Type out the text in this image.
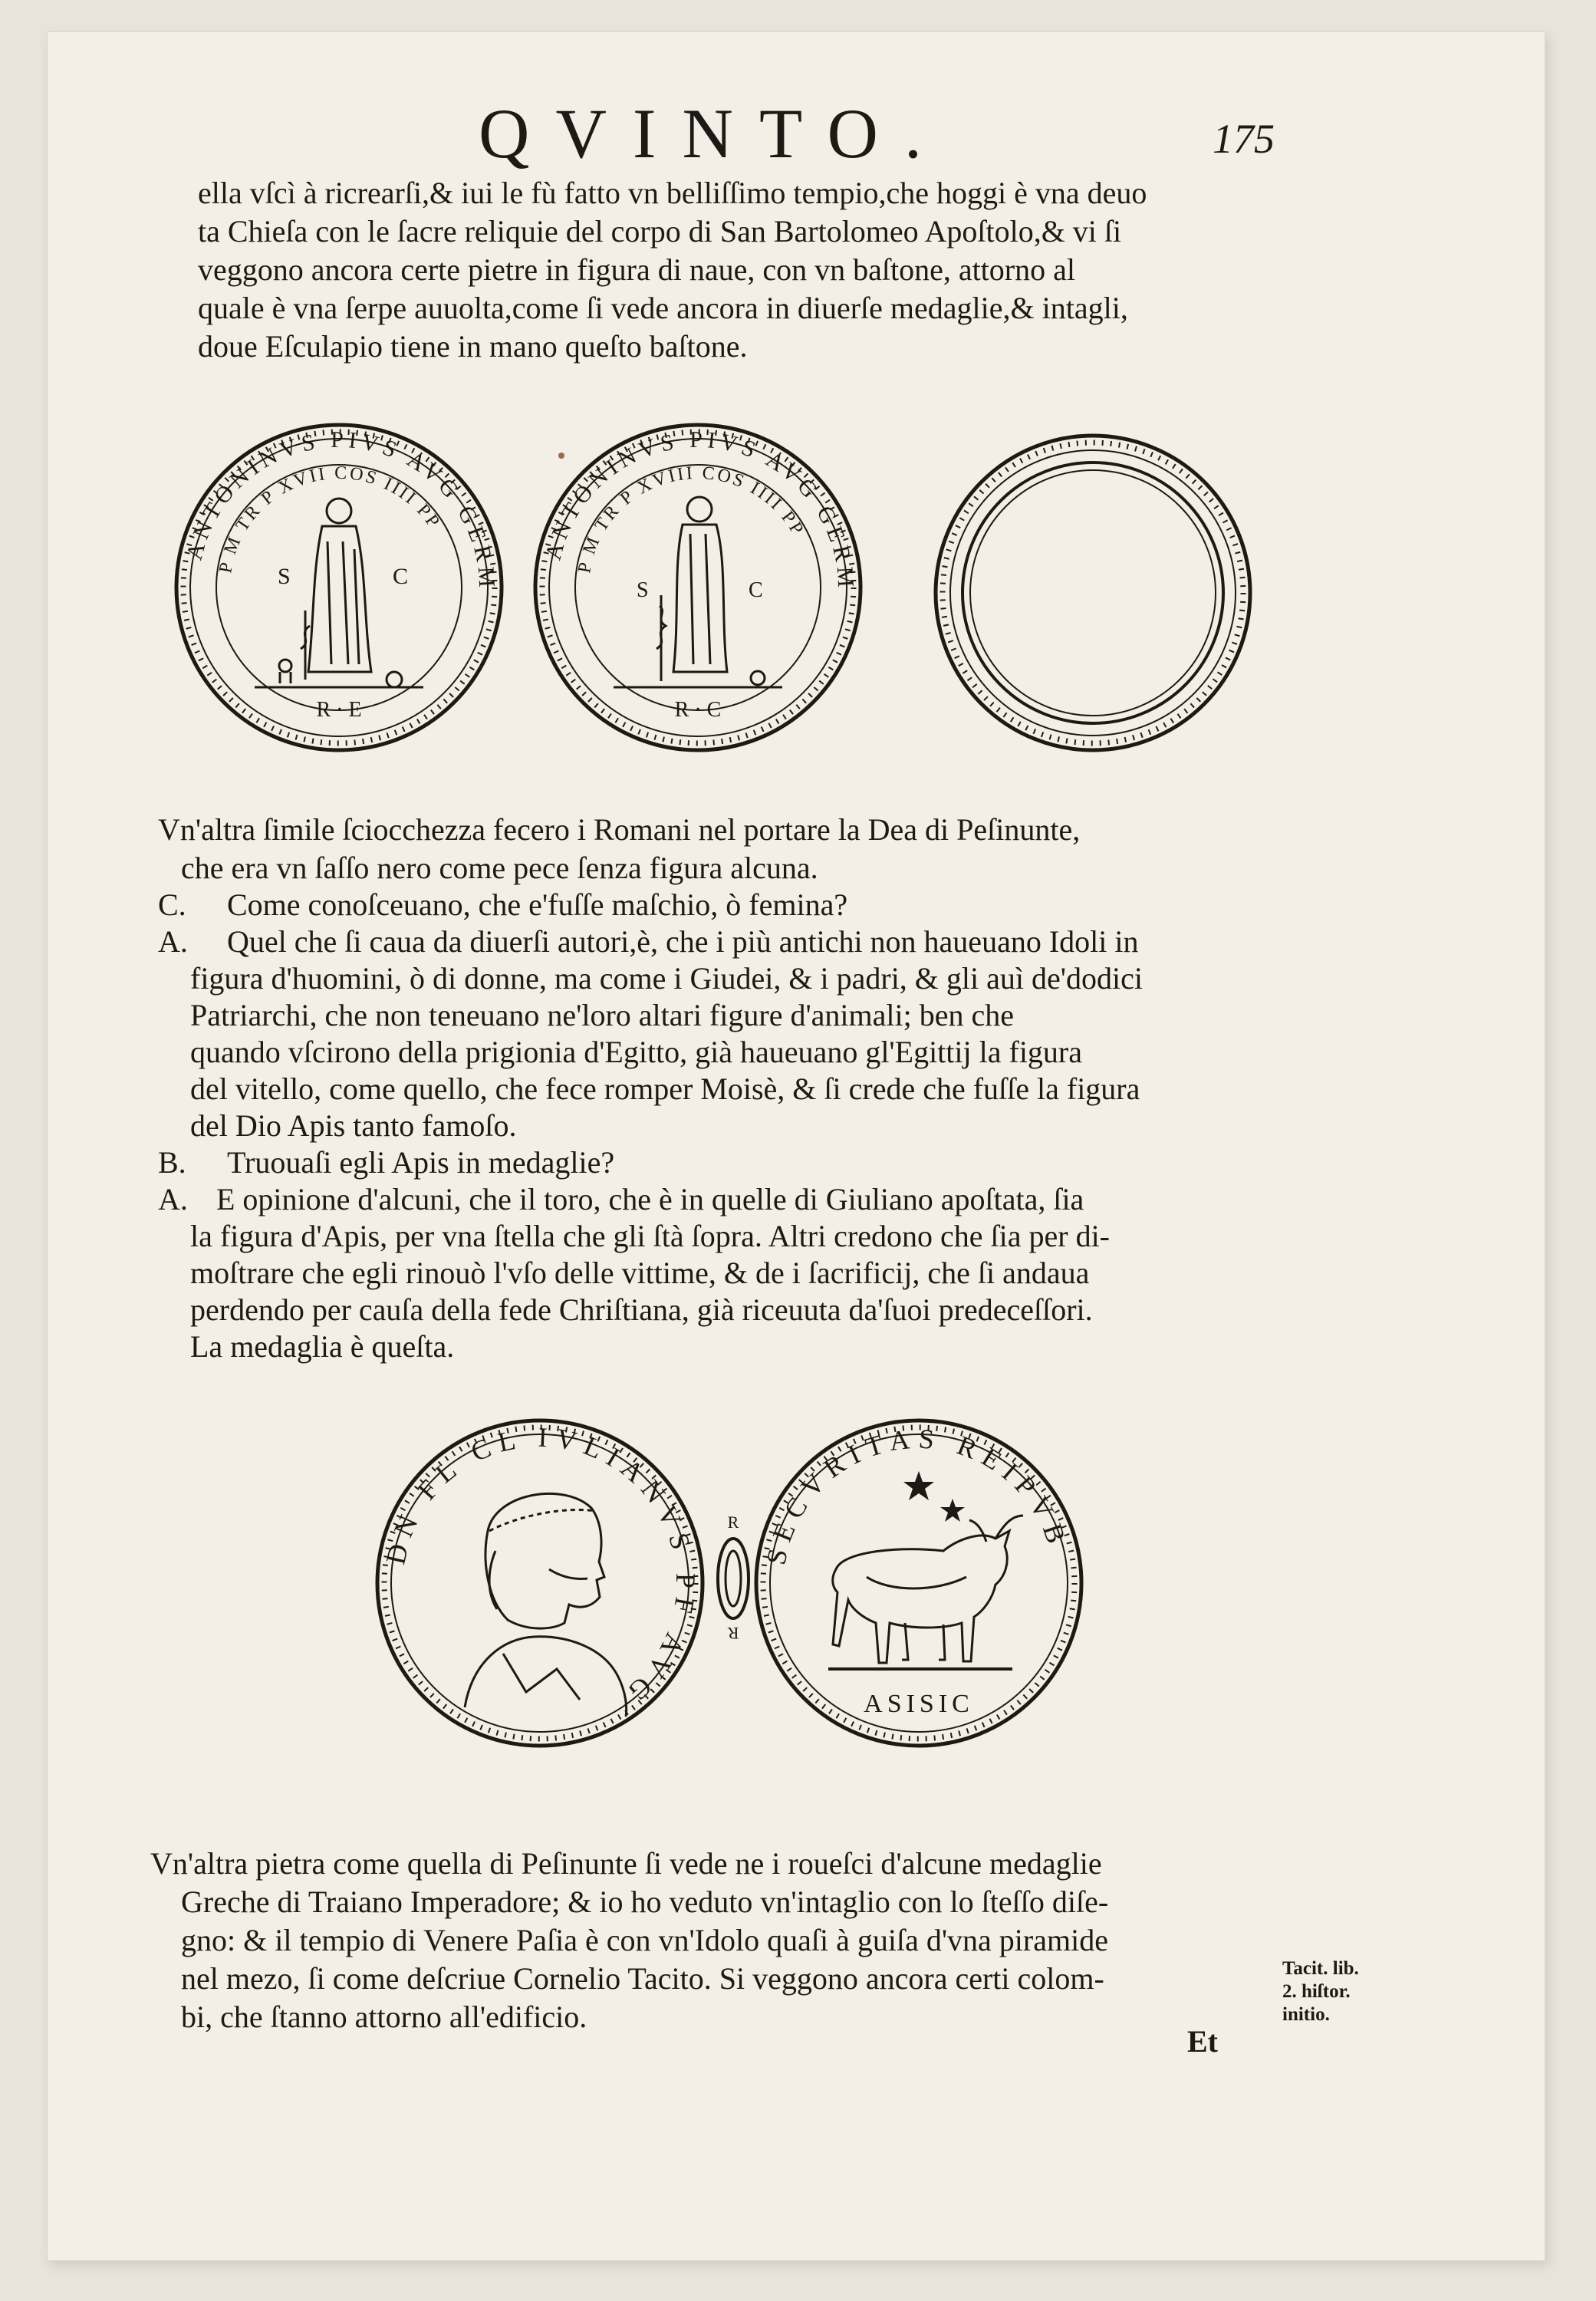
QVINTO.	175
ella vſcì à ricrearſi,& iui le fù fatto vn belliſſimo tempio,che hoggi è vna deuo
ta Chieſa con le ſacre reliquie del corpo di San Bartolomeo Apoſtolo,& vi ſi
veggono ancora certe pietre in figura di naue, con vn baſtone, attorno al
quale è vna ſerpe auuolta,come ſi vede ancora in diuerſe medaglie,& intagli,
doue Eſculapio tiene in mano queſto baſtone.
ANTONINVS PIVS AVG GERM
P M TR P XVII COS IIII PP
S	C
R · E
ANTONINVS PIVS AVG GERM
P M TR P XVIII COS IIII PP
S	C
R · C
Vn'altra ſimile ſciocchezza fecero i Romani nel portare la Dea di Peſinunte,
che era vn ſaſſo nero come pece ſenza figura alcuna.
C. Come conoſceuano, che e'fuſſe maſchio, ò femina?
A. Quel che ſi caua da diuerſi autori,è, che i più antichi non haueuano Idoli in
figura d'huomini, ò di donne, ma come i Giudei, & i padri, & gli auì de'dodici
Patriarchi, che non teneuano ne'loro altari figure d'animali; ben che
quando vſcirono della prigionia d'Egitto, già haueuano gl'Egittij la figura
del vitello, come quello, che fece romper Moisè, & ſi crede che fuſſe la figura
del Dio Apis tanto famoſo.
B. Truouaſi egli Apis in medaglie?
A. E opinione d'alcuni, che il toro, che è in quelle di Giuliano apoſtata, ſia
la figura d'Apis, per vna ſtella che gli ſtà ſopra. Altri credono che ſia per di-
moſtrare che egli rinouò l'vſo delle vittime, & de i ſacrificij, che ſi andaua
perdendo per cauſa della fede Chriſtiana, già riceuuta da'ſuoi predeceſſori.
La medaglia è queſta.
DN FL CL IVLIANVS PF AVG
R
R
SECVRITAS REIPVB
ASISIC
Vn'altra pietra come quella di Peſinunte ſi vede ne i roueſci d'alcune medaglie
Greche di Traiano Imperadore; & io ho veduto vn'intaglio con lo ſteſſo diſe-
gno: & il tempio di Venere Paſia è con vn'Idolo quaſi à guiſa d'vna piramide
nel mezo, ſi come deſcriue Cornelio Tacito. Si veggono ancora certi colom-
bi, che ſtanno attorno all'edificio.
Tacit. lib.
2. hiſtor.
initio.
Et
